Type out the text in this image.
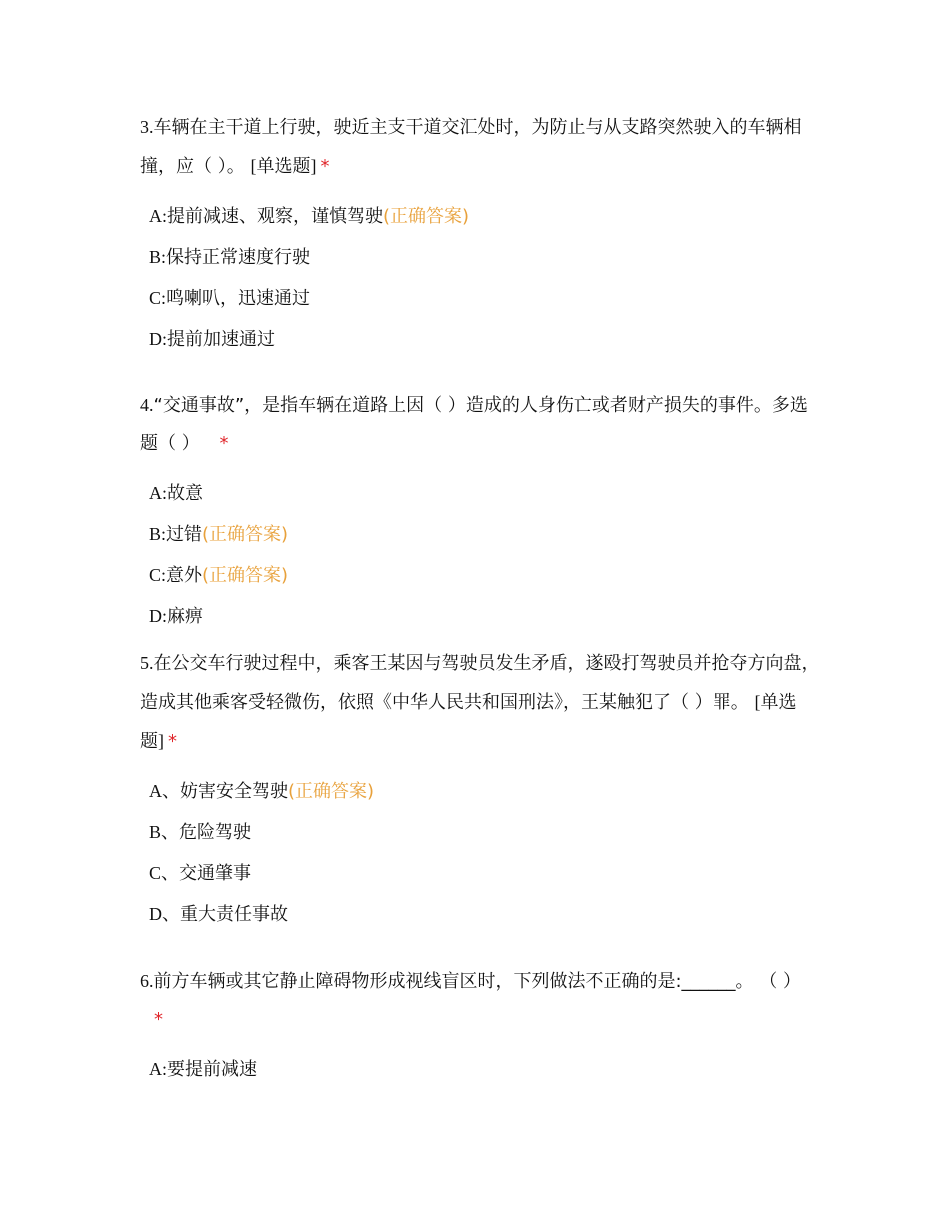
3.车辆在主干道上行驶，驶近主支干道交汇处时，为防止与从支路突然驶入的车辆相撞，应（ ）。 [单选题] *

A:提前减速、观察，谨慎驾驶(正确答案)
B:保持正常速度行驶
C:鸣喇叭，迅速通过
D:提前加速通过

4.“交通事故”，是指车辆在道路上因（ ）造成的人身伤亡或者财产损失的事件。多选题（ ） *

A:故意
B:过错(正确答案)
C:意外(正确答案)
D:麻痹

5.在公交车行驶过程中，乘客王某因与驾驶员发生矛盾，遂殴打驾驶员并抢夺方向盘，造成其他乘客受轻微伤，依照《中华人民共和国刑法》，王某触犯了（ ）罪。 [单选题] *

A、妨害安全驾驶(正确答案)
B、危险驾驶
C、交通肇事
D、重大责任事故

6.前方车辆或其它静止障碍物形成视线盲区时，下列做法不正确的是:______。 （ ） *

A:要提前减速
